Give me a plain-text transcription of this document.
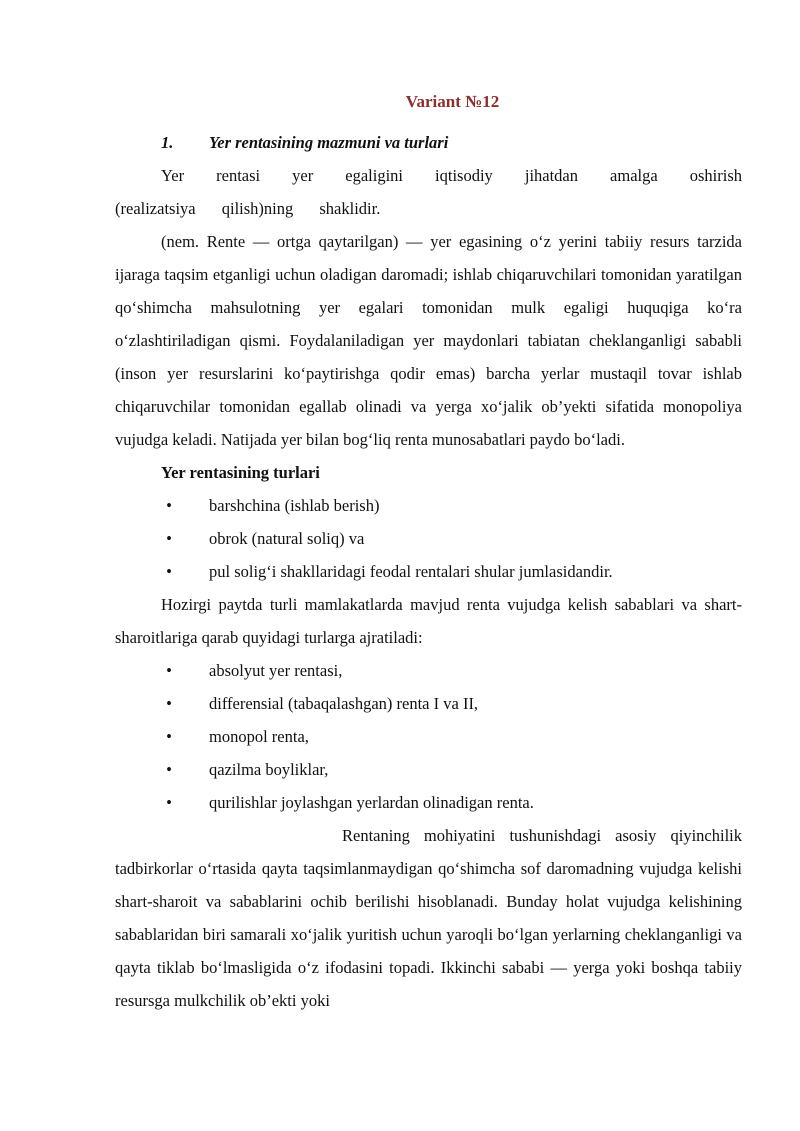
Variant №12

1. Yer rentasining mazmuni va turlari

Yer rentasi yer egaligini iqtisodiy jihatdan amalga oshirish (realizatsiya qilish)ning shaklidir.

(nem. Rente — ortga qaytarilgan) — yer egasining o‘z yerini tabiiy resurs tarzida ijaraga taqsim etganligi uchun oladigan daromadi; ishlab chiqaruvchilari tomonidan yaratilgan qo‘shimcha mahsulotning yer egalari tomonidan mulk egaligi huquqiga ko‘ra o‘zlashtiriladigan qismi. Foydalaniladigan yer maydonlari tabiatan cheklanganligi sababli (inson yer resurslarini ko‘paytirishga qodir emas) barcha yerlar mustaqil tovar ishlab chiqaruvchilar tomonidan egallab olinadi va yerga xo‘jalik ob’yekti sifatida monopoliya vujudga keladi. Natijada yer bilan bog‘liq renta munosabatlari paydo bo‘ladi.

Yer rentasining turlari

• barshchina (ishlab berish)
• obrok (natural soliq) va
• pul solig‘i shakllaridagi feodal rentalari shular jumlasidandir.

Hozirgi paytda turli mamlakatlarda mavjud renta vujudga kelish sabablari va shart-sharoitlariga qarab quyidagi turlarga ajratiladi:

• absolyut yer rentasi,
• differensial (tabaqalashgan) renta I va II,
• monopol renta,
• qazilma boyliklar,
• qurilishlar joylashgan yerlardan olinadigan renta.

Rentaning mohiyatini tushunishdagi asosiy qiyinchilik tadbirkorlar o‘rtasida qayta taqsimlanmaydigan qo‘shimcha sof daromadning vujudga kelishi shart-sharoit va sabablarini ochib berilishi hisoblanadi. Bunday holat vujudga kelishining sabablaridan biri samarali xo‘jalik yuritish uchun yaroqli bo‘lgan yerlarning cheklanganligi va qayta tiklab bo‘lmasligida o‘z ifodasini topadi. Ikkinchi sababi — yerga yoki boshqa tabiiy resursga mulkchilik ob’ekti yoki
